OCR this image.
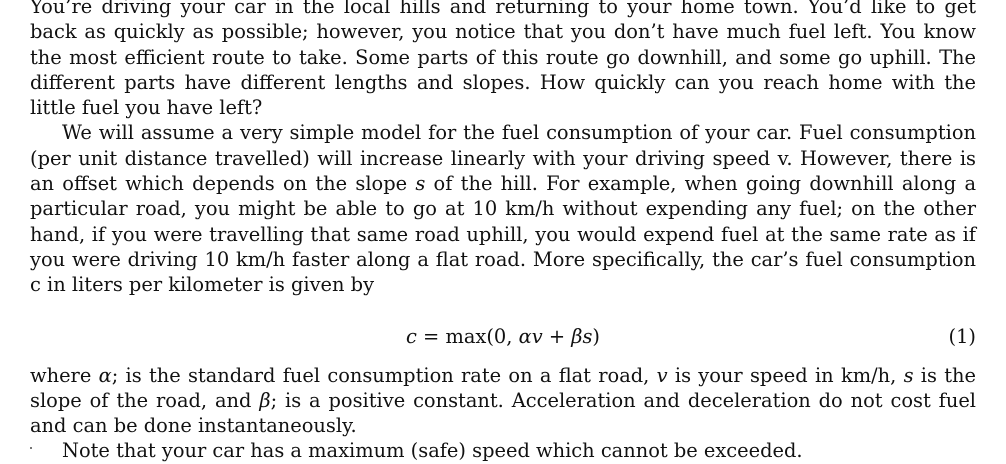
You’re driving your car in the local hills and returning to your home town. You’d like to get back as quickly as possible; however, you notice that you don’t have much fuel left. You know the most efficient route to take. Some parts of this route go downhill, and some go uphill. The different parts have different lengths and slopes. How quickly can you reach home with the little fuel you have left?

We will assume a very simple model for the fuel consumption of your car. Fuel consumption (per unit distance travelled) will increase linearly with your driving speed v. However, there is an offset which depends on the slope s of the hill. For example, when going downhill along a particular road, you might be able to go at 10 km/h without expending any fuel; on the other hand, if you were travelling that same road uphill, you would expend fuel at the same rate as if you were driving 10 km/h faster along a flat road. More specifically, the car’s fuel consumption c in liters per kilometer is given by

c = max(0, αv + βs)	(1)

where α; is the standard fuel consumption rate on a flat road, v is your speed in km/h, s is the slope of the road, and β; is a positive constant. Acceleration and deceleration do not cost fuel and can be done instantaneously.

Note that your car has a maximum (safe) speed which cannot be exceeded.
